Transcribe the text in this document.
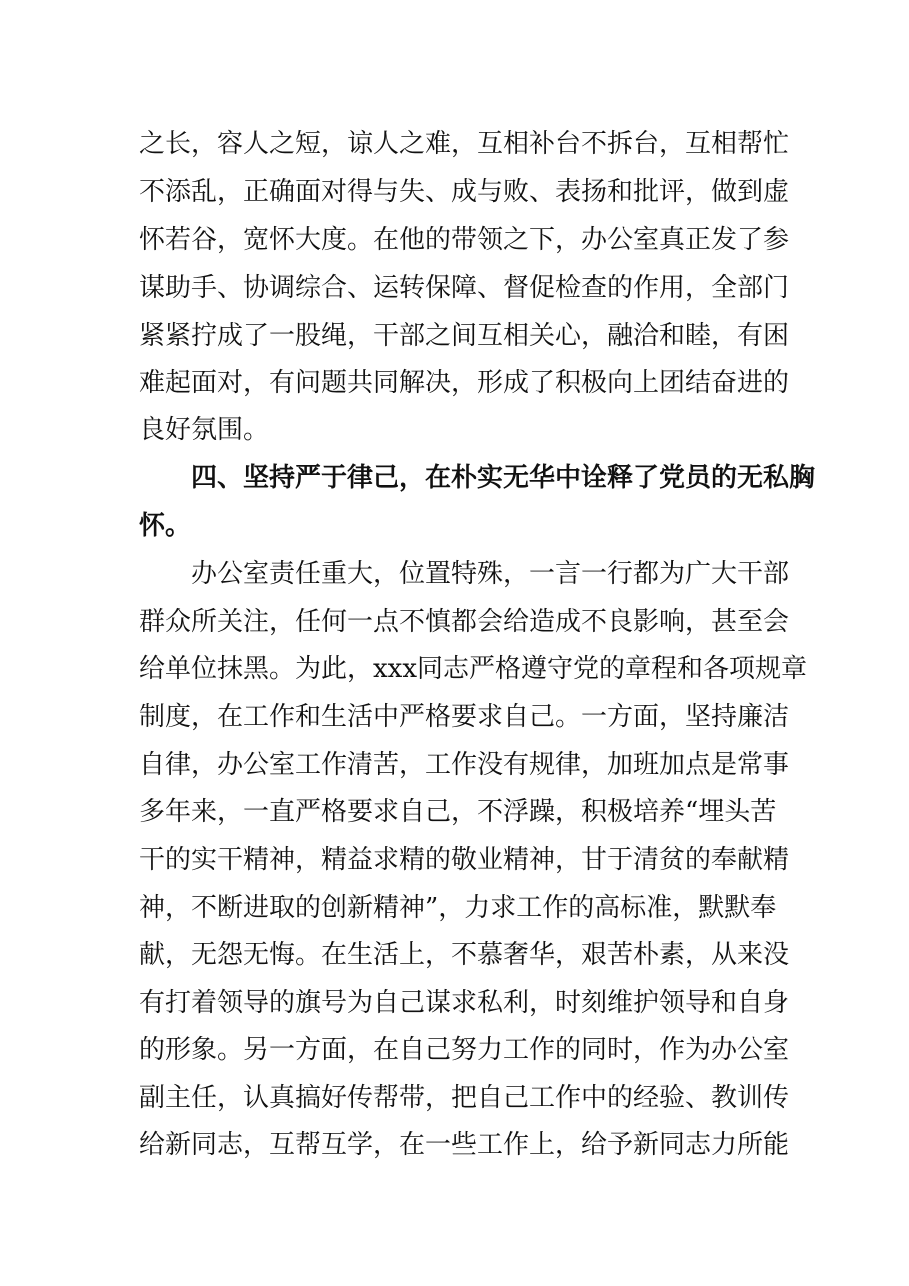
之长，容人之短，谅人之难，互相补台不拆台，互相帮忙
不添乱，正确面对得与失、成与败、表扬和批评，做到虚
怀若谷，宽怀大度。在他的带领之下，办公室真正发了参
谋助手、协调综合、运转保障、督促检查的作用，全部门
紧紧拧成了一股绳，干部之间互相关心，融洽和睦，有困
难起面对，有问题共同解决，形成了积极向上团结奋进的
良好氛围。
四、坚持严于律己，在朴实无华中诠释了党员的无私胸
怀。
办公室责任重大，位置特殊，一言一行都为广大干部
群众所关注，任何一点不慎都会给造成不良影响，甚至会
给单位抹黑。为此，xxx同志严格遵守党的章程和各项规章
制度，在工作和生活中严格要求自己。一方面，坚持廉洁
自律，办公室工作清苦，工作没有规律，加班加点是常事
多年来，一直严格要求自己，不浮躁，积极培养“埋头苦
干的实干精神，精益求精的敬业精神，甘于清贫的奉献精
神，不断进取的创新精神”，力求工作的高标准，默默奉
献，无怨无悔。在生活上，不慕奢华，艰苦朴素，从来没
有打着领导的旗号为自己谋求私利，时刻维护领导和自身
的形象。另一方面，在自己努力工作的同时，作为办公室
副主任，认真搞好传帮带，把自己工作中的经验、教训传
给新同志，互帮互学，在一些工作上，给予新同志力所能
